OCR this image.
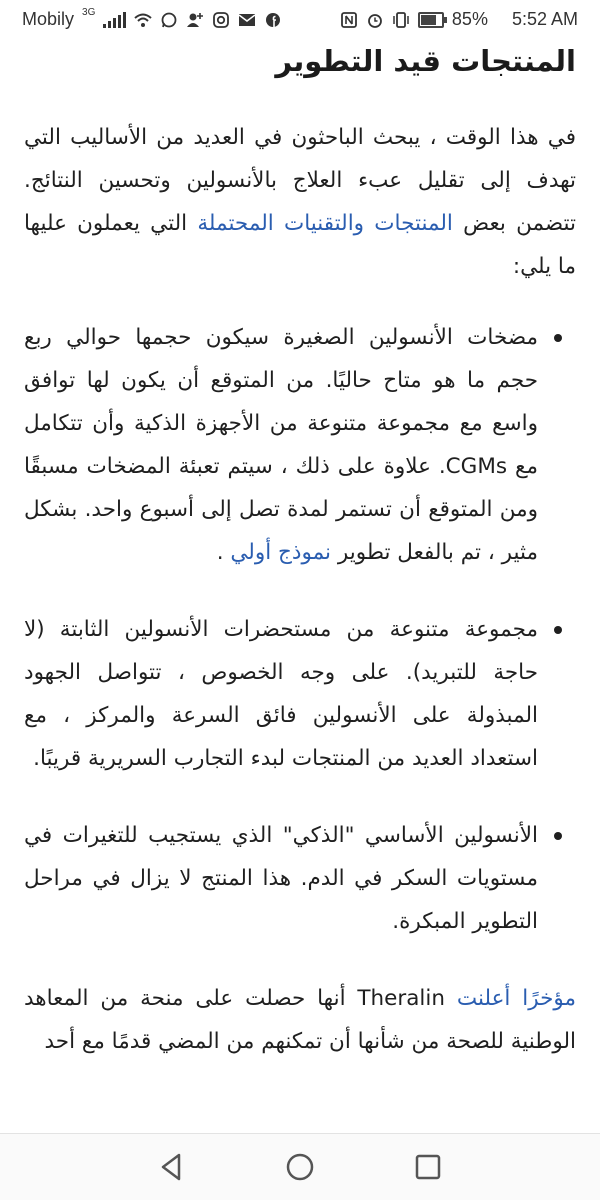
Mobily 3G	85% 5:52 AM
المنتجات قيد التطوير

في هذا الوقت ، يبحث الباحثون في العديد من الأساليب التي تهدف إلى تقليل عبء العلاج بالأنسولين وتحسين النتائج. تتضمن بعض المنتجات والتقنيات المحتملة التي يعملون عليها ما يلي:

مضخات الأنسولين الصغيرة سيكون حجمها حوالي ربع حجم ما هو متاح حاليًا. من المتوقع أن يكون لها توافق واسع مع مجموعة متنوعة من الأجهزة الذكية وأن تتكامل مع CGMs. علاوة على ذلك ، سيتم تعبئة المضخات مسبقًا ومن المتوقع أن تستمر لمدة تصل إلى أسبوع واحد. بشكل مثير ، تم بالفعل تطوير نموذج أولي .
مجموعة متنوعة من مستحضرات الأنسولين الثابتة (لا حاجة للتبريد). على وجه الخصوص ، تتواصل الجهود المبذولة على الأنسولين فائق السرعة والمركز ، مع استعداد العديد من المنتجات لبدء التجارب السريرية قريبًا.
الأنسولين الأساسي "الذكي" الذي يستجيب للتغيرات في مستويات السكر في الدم. هذا المنتج لا يزال في مراحل التطوير المبكرة.

مؤخرًا أعلنت Theralin أنها حصلت على منحة من المعاهد الوطنية للصحة من شأنها أن تمكنهم من المضي قدمًا مع أحد
